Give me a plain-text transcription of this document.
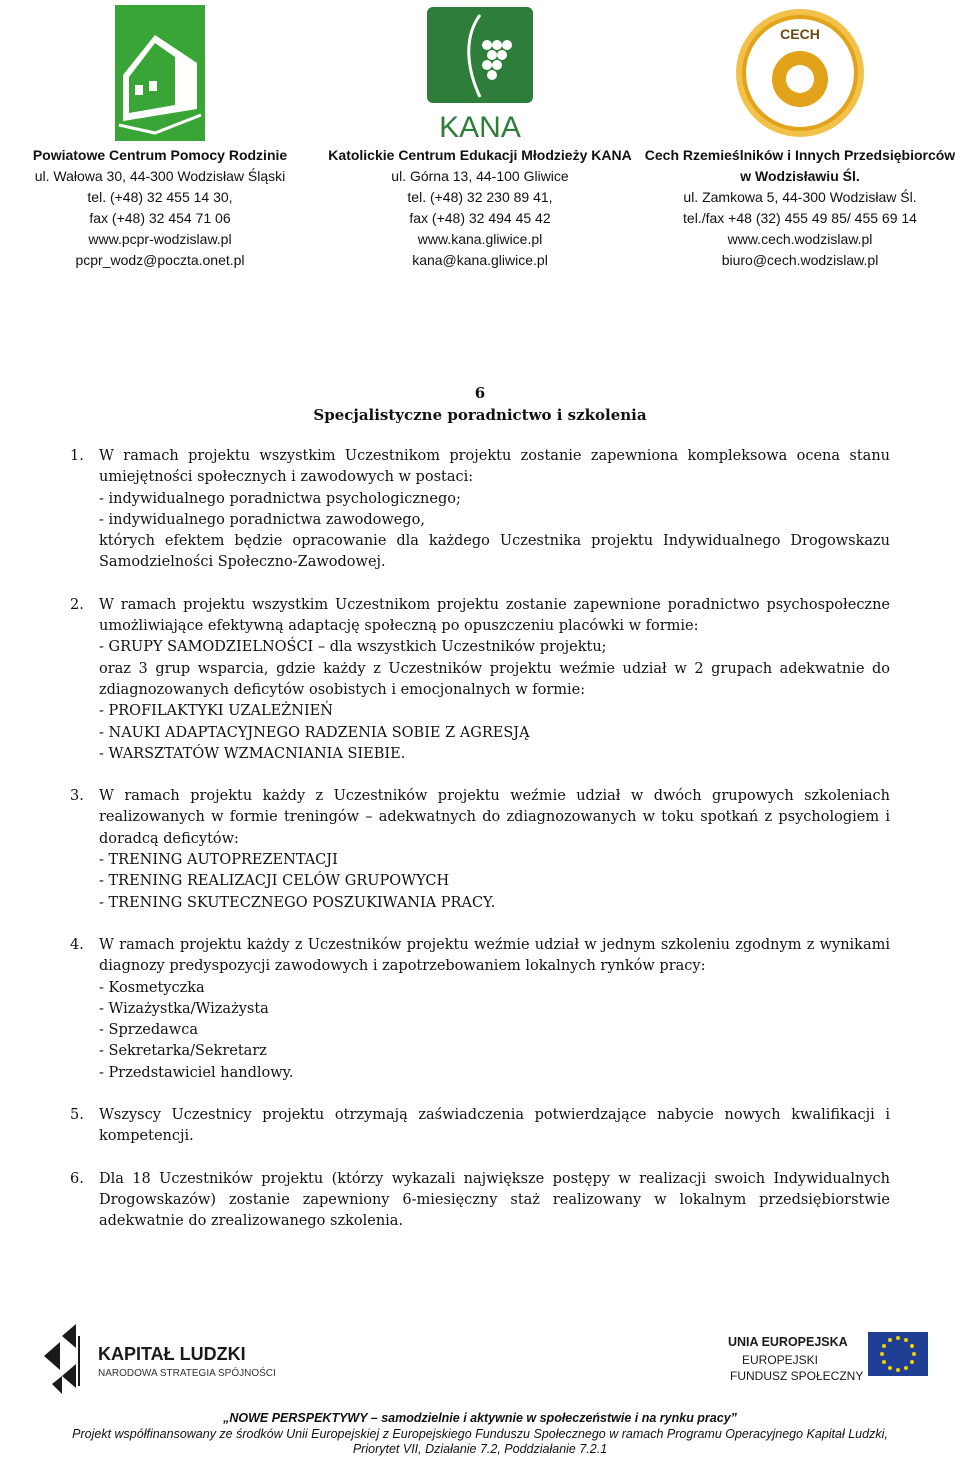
Powiatowe Centrum Pomocy Rodzinie
ul. Wałowa 30, 44-300 Wodzisław Śląski
tel. (+48) 32 455 14 30,
fax (+48) 32 454 71 06
www.pcpr-wodzislaw.pl
pcpr_wodz@poczta.onet.pl
KANA
Katolickie Centrum Edukacji Młodzieży KANA
ul. Górna 13, 44-100 Gliwice
tel. (+48) 32 230 89 41,
fax (+48) 32 494 45 42
www.kana.gliwice.pl
kana@kana.gliwice.pl
CECH
Cech Rzemieślników i Innych Przedsiębiorców w Wodzisławiu Śl.
ul. Zamkowa 5, 44-300 Wodzisław Śl.
tel./fax +48 (32) 455 49 85/ 455 69 14
www.cech.wodzislaw.pl
biuro@cech.wodzislaw.pl
6
Specjalistyczne poradnictwo i szkolenia
1.	W ramach projektu wszystkim Uczestnikom projektu zostanie zapewniona kompleksowa ocena stanu umiejętności społecznych i zawodowych w postaci:
- indywidualnego poradnictwa psychologicznego;
- indywidualnego poradnictwa zawodowego,
których efektem będzie opracowanie dla każdego Uczestnika projektu Indywidualnego Drogowskazu Samodzielności Społeczno-Zawodowej.
2.	W ramach projektu wszystkim Uczestnikom projektu zostanie zapewnione poradnictwo psychospołeczne umożliwiające efektywną adaptację społeczną po opuszczeniu placówki w formie:
- GRUPY SAMODZIELNOŚCI – dla wszystkich Uczestników projektu;
oraz 3 grup wsparcia, gdzie każdy z Uczestników projektu weźmie udział w 2 grupach adekwatnie do zdiagnozowanych deficytów osobistych i emocjonalnych w formie:
- PROFILAKTYKI UZALEŻNIEŃ
- NAUKI ADAPTACYJNEGO RADZENIA SOBIE Z AGRESJĄ
- WARSZTATÓW WZMACNIANIA SIEBIE.
3.	W ramach projektu każdy z Uczestników projektu weźmie udział w dwóch grupowych szkoleniach realizowanych w formie treningów – adekwatnych do zdiagnozowanych w toku spotkań z psychologiem i doradcą deficytów:
- TRENING AUTOPREZENTACJI
- TRENING REALIZACJI CELÓW GRUPOWYCH
- TRENING SKUTECZNEGO POSZUKIWANIA PRACY.
4.	W ramach projektu każdy z Uczestników projektu weźmie udział w jednym szkoleniu zgodnym z wynikami diagnozy predyspozycji zawodowych i zapotrzebowaniem lokalnych rynków pracy:
- Kosmetyczka
- Wizażystka/Wizażysta
- Sprzedawca
- Sekretarka/Sekretarz
- Przedstawiciel handlowy.
5.	Wszyscy Uczestnicy projektu otrzymają zaświadczenia potwierdzające nabycie nowych kwalifikacji i kompetencji.
6.	Dla 18 Uczestników projektu (którzy wykazali największe postępy w realizacji swoich Indywidualnych Drogowskazów) zostanie zapewniony 6-miesięczny staż realizowany w lokalnym przedsiębiorstwie adekwatnie do zrealizowanego szkolenia.
KAPITAŁ LUDZKI
NARODOWA STRATEGIA SPÓJNOŚCI
UNIA EUROPEJSKA
EUROPEJSKI
FUNDUSZ SPOŁECZNY
„NOWE PERSPEKTYWY – samodzielnie i aktywnie w społeczeństwie i na rynku pracy”
Projekt współfinansowany ze środków Unii Europejskiej z Europejskiego Funduszu Społecznego w ramach Programu Operacyjnego Kapitał Ludzki,
Priorytet VII, Działanie 7.2, Poddziałanie 7.2.1
